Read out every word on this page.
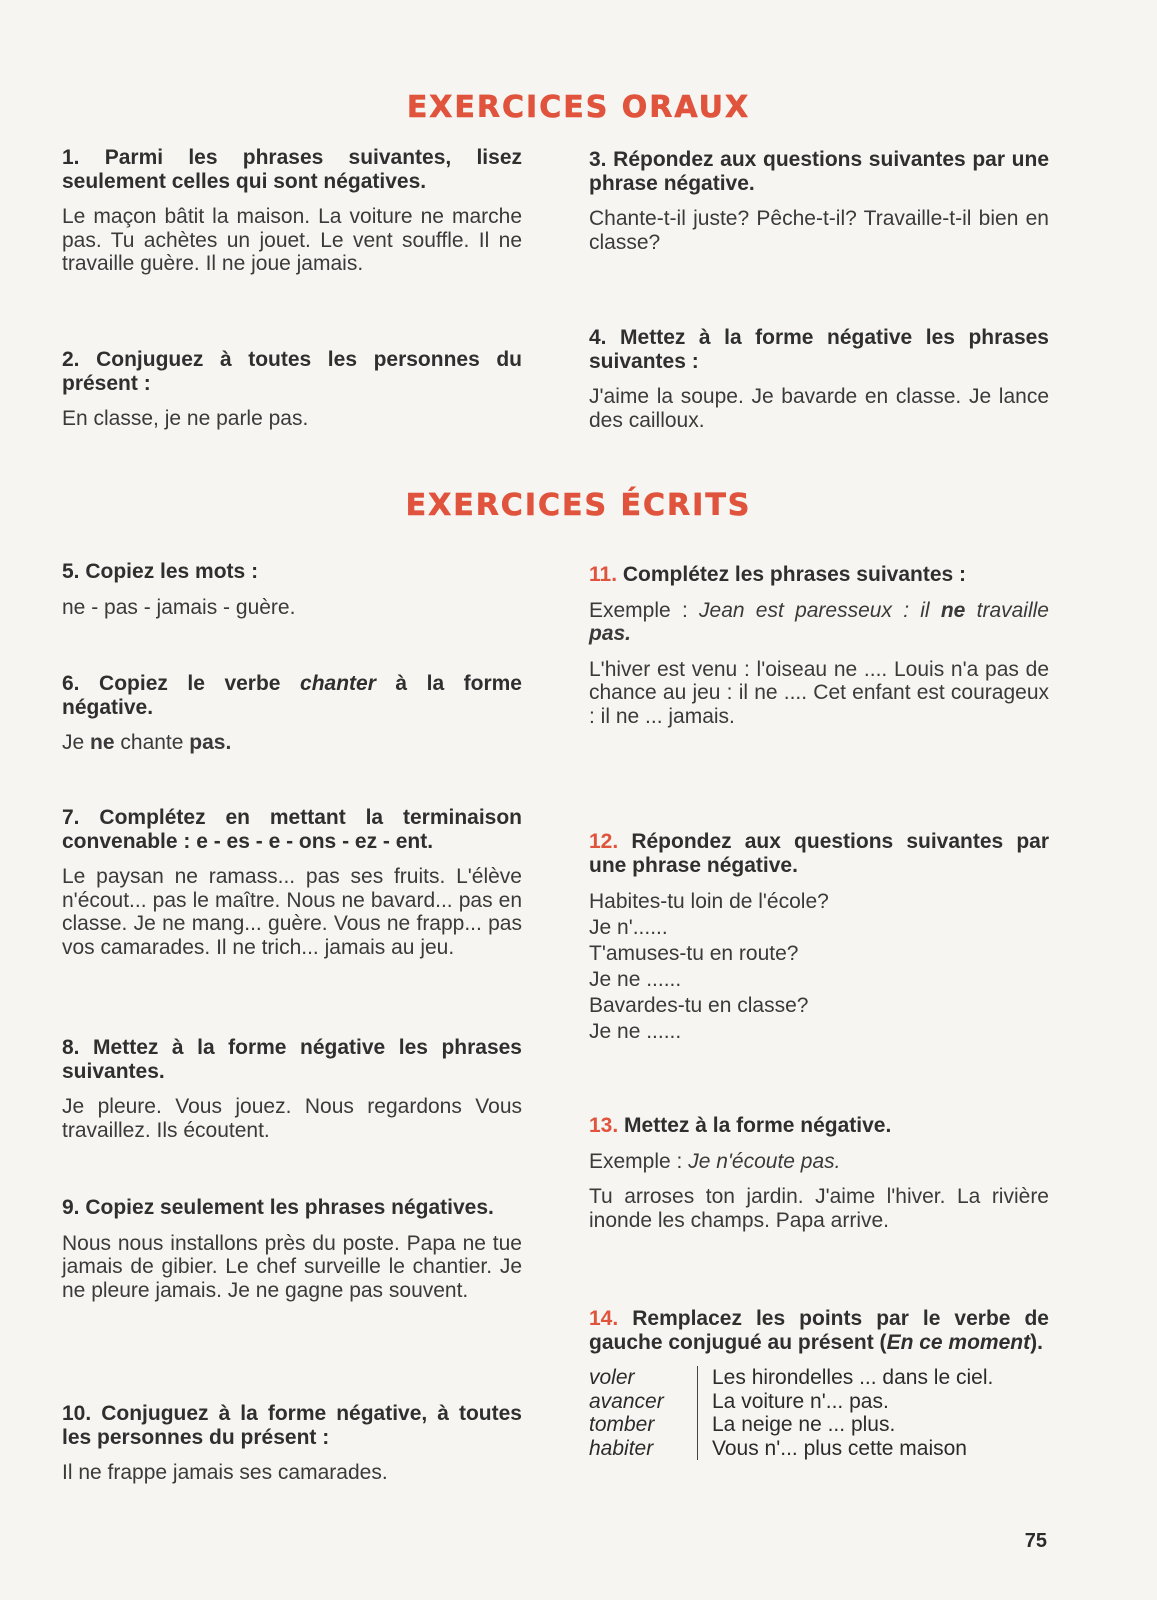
EXERCICES ORAUX

1. Parmi les phrases suivantes, lisez seulement celles qui sont négatives.

Le maçon bâtit la maison. La voiture ne marche pas. Tu achètes un jouet. Le vent souffle. Il ne travaille guère. Il ne joue jamais.

2. Conjuguez à toutes les personnes du présent :

En classe, je ne parle pas.

3. Répondez aux questions suivantes par une phrase négative.

Chante-t-il juste? Pêche-t-il? Travaille-t-il bien en classe?

4. Mettez à la forme négative les phrases suivantes :

J'aime la soupe. Je bavarde en classe. Je lance des cailloux.

EXERCICES ÉCRITS

5. Copiez les mots :

ne - pas - jamais - guère.

6. Copiez le verbe chanter à la forme négative.

Je ne chante pas.

7. Complétez en mettant la terminaison convenable : e - es - e - ons - ez - ent.

Le paysan ne ramass... pas ses fruits. L'élève n'écout... pas le maître. Nous ne bavard... pas en classe. Je ne mang... guère. Vous ne frapp... pas vos camarades. Il ne trich... jamais au jeu.

8. Mettez à la forme négative les phrases suivantes.

Je pleure. Vous jouez. Nous regardons Vous travaillez. Ils écoutent.

9. Copiez seulement les phrases négatives.

Nous nous installons près du poste. Papa ne tue jamais de gibier. Le chef surveille le chantier. Je ne pleure jamais. Je ne gagne pas souvent.

10. Conjuguez à la forme négative, à toutes les personnes du présent :

Il ne frappe jamais ses camarades.

11. Complétez les phrases suivantes :

Exemple : Jean est paresseux : il ne travaille pas.

L'hiver est venu : l'oiseau ne .... Louis n'a pas de chance au jeu : il ne .... Cet enfant est courageux : il ne ... jamais.

12. Répondez aux questions suivantes par une phrase négative.

Habites-tu loin de l'école?
Je n'......
T'amuses-tu en route?
Je ne ......
Bavardes-tu en classe?
Je ne ......

13. Mettez à la forme négative.

Exemple : Je n'écoute pas.

Tu arroses ton jardin. J'aime l'hiver. La rivière inonde les champs. Papa arrive.

14. Remplacez les points par le verbe de gauche conjugué au présent (En ce moment).

voler
avancer
tomber
habiter
Les hirondelles ... dans le ciel.
La voiture n'... pas.
La neige ne ... plus.
Vous n'... plus cette maison
75
